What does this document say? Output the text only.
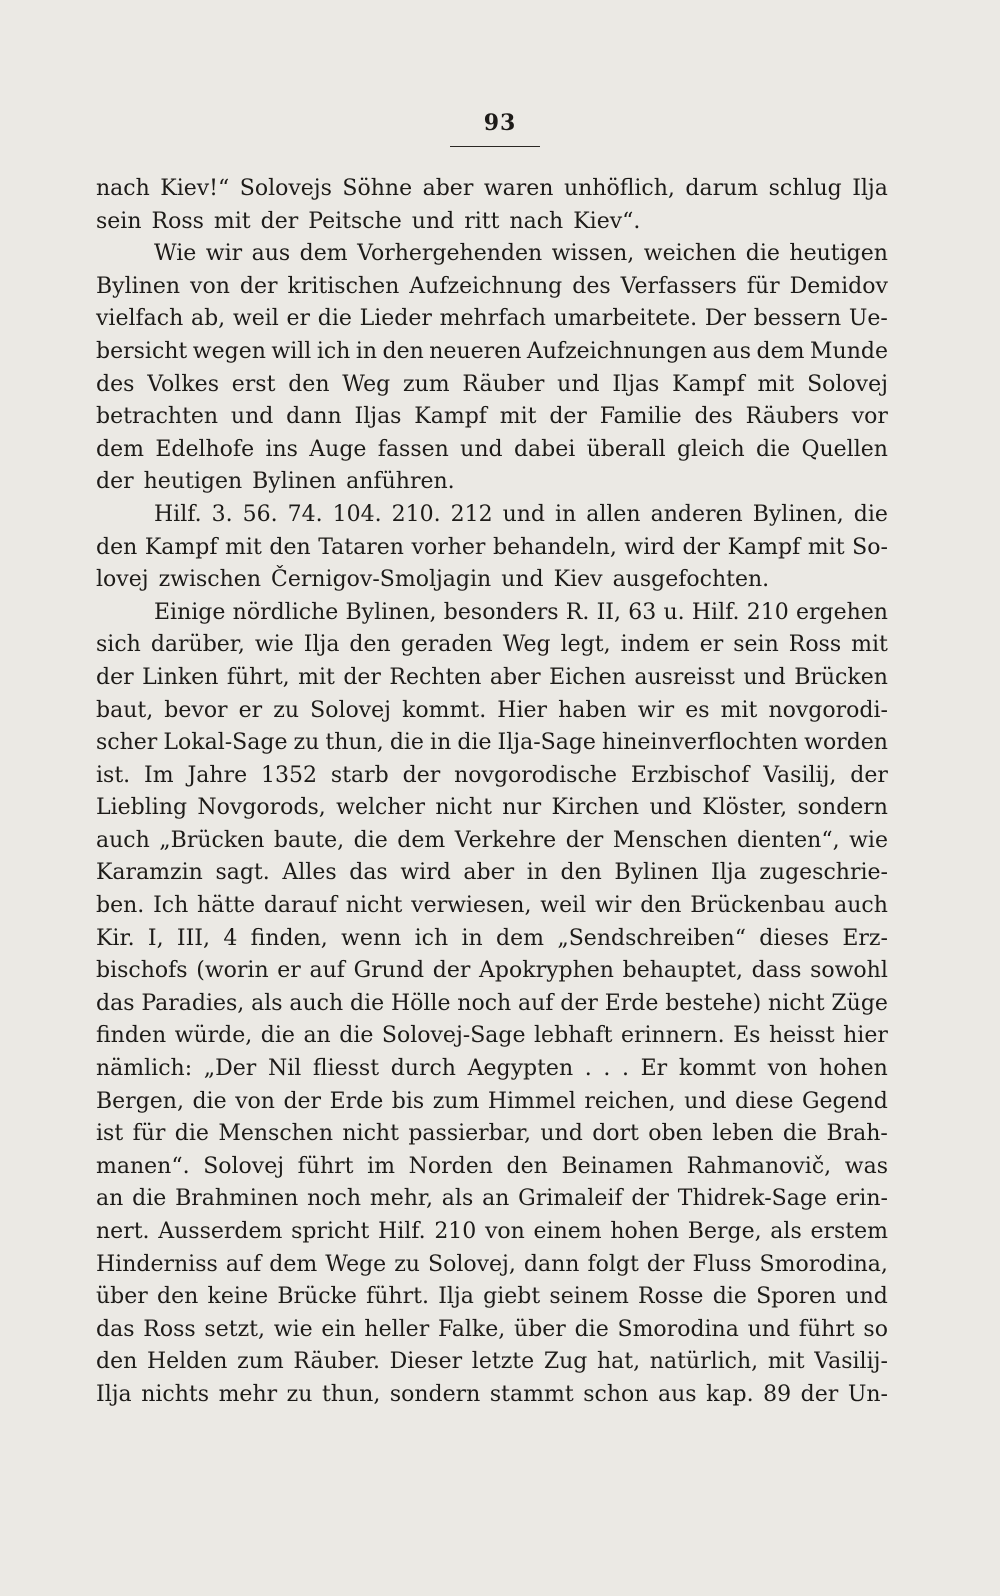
93
nach Kiev!“ Solovejs Söhne aber waren unhöflich, darum schlug Ilja
sein Ross mit der Peitsche und ritt nach Kiev“.
Wie wir aus dem Vorhergehenden wissen, weichen die heutigen
Bylinen von der kritischen Aufzeichnung des Verfassers für Demidov
vielfach ab, weil er die Lieder mehrfach umarbeitete. Der bessern Ue-
bersicht wegen will ich in den neueren Aufzeichnungen aus dem Munde
des Volkes erst den Weg zum Räuber und Iljas Kampf mit Solovej
betrachten und dann Iljas Kampf mit der Familie des Räubers vor
dem Edelhofe ins Auge fassen und dabei überall gleich die Quellen
der heutigen Bylinen anführen.
Hilf. 3. 56. 74. 104. 210. 212 und in allen anderen Bylinen, die
den Kampf mit den Tataren vorher behandeln, wird der Kampf mit So-
lovej zwischen Černigov-Smoljagin und Kiev ausgefochten.
Einige nördliche Bylinen, besonders R. II, 63 u. Hilf. 210 ergehen
sich darüber, wie Ilja den geraden Weg legt, indem er sein Ross mit
der Linken führt, mit der Rechten aber Eichen ausreisst und Brücken
baut, bevor er zu Solovej kommt. Hier haben wir es mit novgorodi-
scher Lokal-Sage zu thun, die in die Ilja-Sage hineinverflochten worden
ist. Im Jahre 1352 starb der novgorodische Erzbischof Vasilij, der
Liebling Novgorods, welcher nicht nur Kirchen und Klöster, sondern
auch „Brücken baute, die dem Verkehre der Menschen dienten“, wie
Karamzin sagt. Alles das wird aber in den Bylinen Ilja zugeschrie-
ben. Ich hätte darauf nicht verwiesen, weil wir den Brückenbau auch
Kir. I, III, 4 finden, wenn ich in dem „Sendschreiben“ dieses Erz-
bischofs (worin er auf Grund der Apokryphen behauptet, dass sowohl
das Paradies, als auch die Hölle noch auf der Erde bestehe) nicht Züge
finden würde, die an die Solovej-Sage lebhaft erinnern. Es heisst hier
nämlich: „Der Nil fliesst durch Aegypten . . . Er kommt von hohen
Bergen, die von der Erde bis zum Himmel reichen, und diese Gegend
ist für die Menschen nicht passierbar, und dort oben leben die Brah-
manen“. Solovej führt im Norden den Beinamen Rahmanovič, was
an die Brahminen noch mehr, als an Grimaleif der Thidrek-Sage erin-
nert. Ausserdem spricht Hilf. 210 von einem hohen Berge, als erstem
Hinderniss auf dem Wege zu Solovej, dann folgt der Fluss Smorodina,
über den keine Brücke führt. Ilja giebt seinem Rosse die Sporen und
das Ross setzt, wie ein heller Falke, über die Smorodina und führt so
den Helden zum Räuber. Dieser letzte Zug hat, natürlich, mit Vasilij-
Ilja nichts mehr zu thun, sondern stammt schon aus kap. 89 der Un-
